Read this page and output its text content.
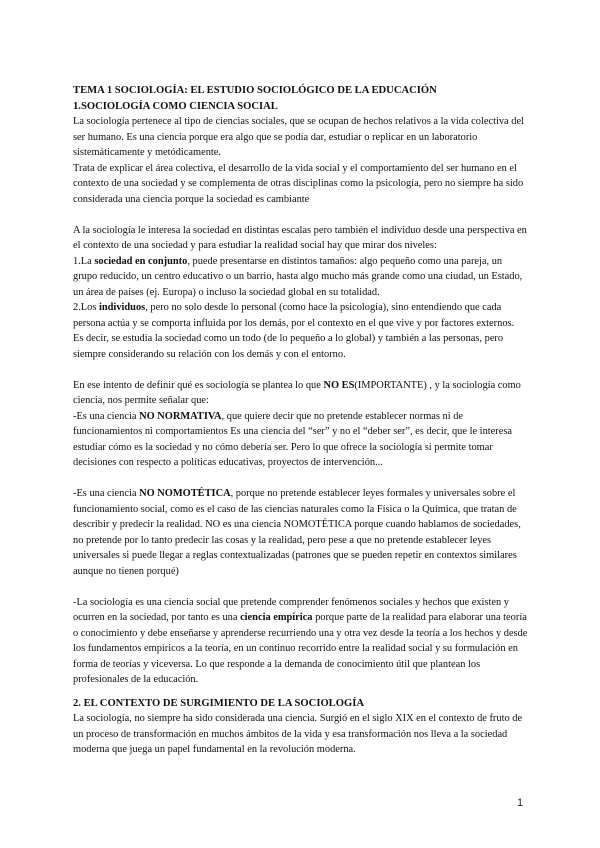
TEMA 1 SOCIOLOGÍA: EL ESTUDIO SOCIOLÓGICO DE LA EDUCACIÓN

1.SOCIOLOGÍA COMO CIENCIA SOCIAL

La sociología pertenece al tipo de ciencias sociales, que se ocupan de hechos relativos a la vida colectiva del ser humano. Es una ciencia porque era algo que se podía dar, estudiar o replicar en un laboratorio sistemáticamente y metódicamente.

Trata de explicar el área colectiva, el desarrollo de la vida social y el comportamiento del ser humano en el contexto de una sociedad y se complementa de otras disciplinas como la psicología, pero no siempre ha sido considerada una ciencia porque la sociedad es cambiante

A la sociología le interesa la sociedad en distintas escalas pero también el individuo desde una perspectiva en el contexto de una sociedad y para estudiar la realidad social hay que mirar dos niveles:

1.La sociedad en conjunto, puede presentarse en distintos tamaños: algo pequeño como una pareja, un grupo reducido, un centro educativo o un barrio, hasta algo mucho más grande como una ciudad, un Estado, un área de países (ej. Europa) o incluso la sociedad global en su totalidad.

2.Los individuos, pero no solo desde lo personal (como hace la psicología), sino entendiendo que cada persona actúa y se comporta influida por los demás, por el contexto en el que vive y por factores externos.

Es decir, se estudia la sociedad como un todo (de lo pequeño a lo global) y también a las personas, pero siempre considerando su relación con los demás y con el entorno.

En ese intento de definir qué es sociología se plantea lo que NO ES(IMPORTANTE) , y la sociología como ciencia, nos permite señalar que:

-Es una ciencia NO NORMATIVA, que quiere decir que no pretende establecer normas ni de funcionamientos ni comportamientos Es una ciencia del “ser” y no el “deber ser”, es decir, que le interesa estudiar cómo es la sociedad y no cómo debería ser. Pero lo que ofrece la sociología si permite tomar decisiones con respecto a políticas educativas, proyectos de intervención...

-Es una ciencia NO NOMOTÉTICA, porque no pretende establecer leyes formales y universales sobre el funcionamiento social, como es el caso de las ciencias naturales como la Física o la Química, que tratan de describir y predecir la realidad. NO es una ciencia NOMOTÉTICA porque cuando hablamos de sociedades, no pretende por lo tanto predecir las cosas y la realidad, pero pese a que no pretende establecer leyes universales si puede llegar a reglas contextualizadas (patrones que se pueden repetir en contextos similares aunque no tienen porqué)

-La sociología es una ciencia social que pretende comprender fenómenos sociales y hechos que existen y ocurren en la sociedad, por tanto es una ciencia empírica porque parte de la realidad para elaborar una teoría o conocimiento y debe enseñarse y aprenderse recurriendo una y otra vez desde la teoría a los hechos y desde los fundamentos empíricos a la teoría, en un continuo recorrido entre la realidad social y su formulación en forma de teorías y viceversa. Lo que responde a la demanda de conocimiento útil que plantean los profesionales de la educación.

2. EL CONTEXTO DE SURGIMIENTO DE LA SOCIOLOGÍA

La sociología, no siempre ha sido considerada una ciencia. Surgió en el siglo XIX en el contexto de fruto de un proceso de transformación en muchos ámbitos de la vida y esa transformación nos lleva a la sociedad moderna que juega un papel fundamental en la revolución moderna.

1
